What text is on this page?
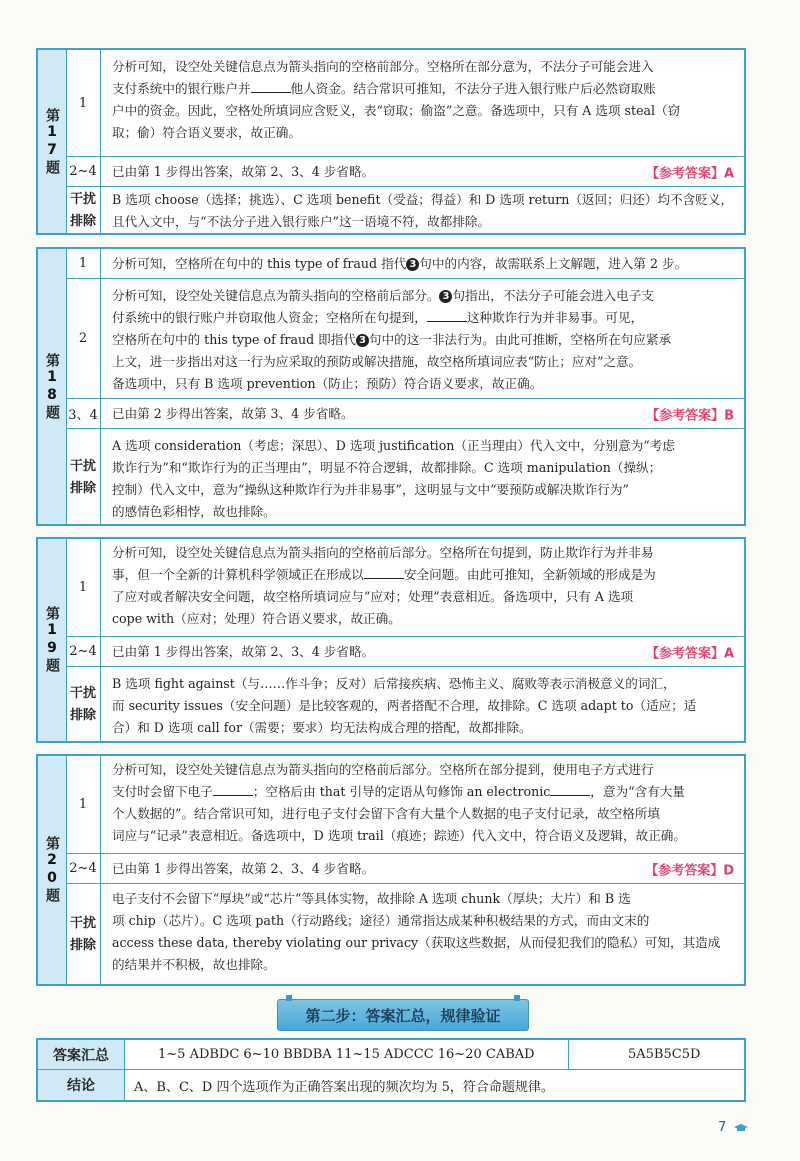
第17题
1
分析可知，设空处关键信息点为箭头指向的空格前部分。空格所在部分意为，不法分子可能会进入
支付系统中的银行账户并	他人资金。结合常识可推知，不法分子进入银行账户后必然窃取账
户中的资金。因此，空格处所填词应含贬义，表“窃取；偷盗”之意。备选项中，只有 A 选项 steal（窃
取；偷）符合语义要求，故正确。
2~4	已由第 1 步得出答案，故第 2、3、4 步省略。	【参考答案】A
干扰排除
B 选项 choose（选择；挑选）、C 选项 benefit（受益；得益）和 D 选项 return（返回；归还）均不含贬义，
且代入文中，与“不法分子进入银行账户”这一语境不符，故都排除。
第18题
1	分析可知，空格所在句中的 this type of fraud 指代 3 句中的内容，故需联系上文解题，进入第 2 步。
2
分析可知，设空处关键信息点为箭头指向的空格前后部分。 3 句指出，不法分子可能会进入电子支
付系统中的银行账户并窃取他人资金；空格所在句提到，	这种欺诈行为并非易事。可见，
空格所在句中的 this type of fraud 即指代 3 句中的这一非法行为。由此可推断，空格所在句应紧承
上文，进一步指出对这一行为应采取的预防或解决措施，故空格所填词应表“防止；应对”之意。
备选项中，只有 B 选项 prevention（防止；预防）符合语义要求，故正确。
3、4 已由第 2 步得出答案，故第 3、4 步省略。	【参考答案】B
干扰排除
A 选项 consideration（考虑；深思）、D 选项 justification（正当理由）代入文中，分别意为“考虑
欺诈行为”和“欺诈行为的正当理由”，明显不符合逻辑，故都排除。C 选项 manipulation（操纵；
控制）代入文中，意为“操纵这种欺诈行为并非易事”，这明显与文中“要预防或解决欺诈行为”
的感情色彩相悖，故也排除。
第19题
1
分析可知，设空处关键信息点为箭头指向的空格前后部分。空格所在句提到，防止欺诈行为并非易
事，但一个全新的计算机科学领域正在形成以	安全问题。由此可推知，全新领域的形成是为
了应对或者解决安全问题，故空格所填词应与“应对；处理”表意相近。备选项中，只有 A 选项
cope with（应对；处理）符合语义要求，故正确。
2~4	已由第 1 步得出答案，故第 2、3、4 步省略。	【参考答案】A
干扰排除
B 选项 fight against（与……作斗争；反对）后常接疾病、恐怖主义、腐败等表示消极意义的词汇，
而 security issues（安全问题）是比较客观的，两者搭配不合理，故排除。C 选项 adapt to（适应；适
合）和 D 选项 call for（需要；要求）均无法构成合理的搭配，故都排除。
第20题
1
分析可知，设空处关键信息点为箭头指向的空格前后部分。空格所在部分提到，使用电子方式进行
支付时会留下电子	；空格后由 that 引导的定语从句修饰 an electronic	，意为“含有大量
个人数据的”。结合常识可知，进行电子支付会留下含有大量个人数据的电子支付记录，故空格所填
词应与“记录”表意相近。备选项中，D 选项 trail（痕迹；踪迹）代入文中，符合语义及逻辑，故正确。
2~4	已由第 1 步得出答案，故第 2、3、4 步省略。	【参考答案】D
干扰排除
电子支付不会留下“厚块”或“芯片”等具体实物，故排除 A 选项 chunk（厚块；大片）和 B 选
项 chip（芯片）。C 选项 path（行动路线；途径）通常指达成某种积极结果的方式，而由文末的
access these data, thereby violating our privacy（获取这些数据，从而侵犯我们的隐私）可知，其造成
的结果并不积极，故也排除。
第二步：答案汇总，规律验证
答案汇总	1~5 ADBDC 6~10 BBDBA 11~15 ADCCC 16~20 CABAD	5A5B5C5D
结论	A、B、C、D 四个选项作为正确答案出现的频次均为 5，符合命题规律。
7
